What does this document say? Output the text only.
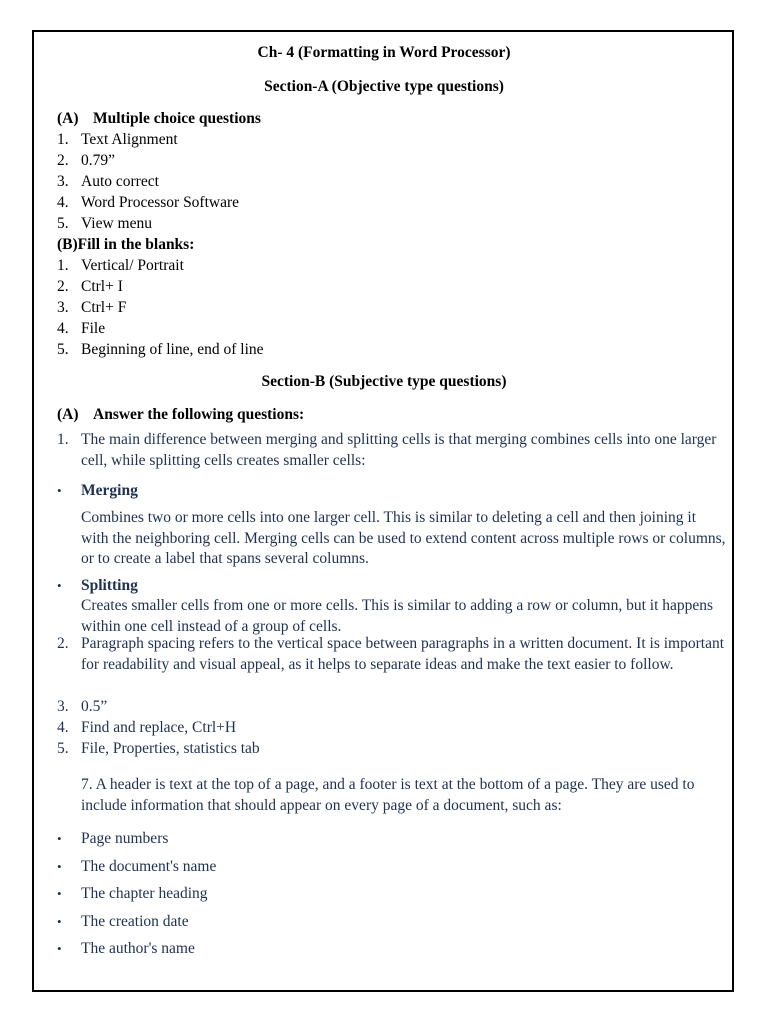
Ch- 4 (Formatting in Word Processor)
Section-A (Objective type questions)
(A) Multiple choice questions
1. Text Alignment
2. 0.79”
3. Auto correct
4. Word Processor Software
5. View menu
(B)Fill in the blanks:
1. Vertical/ Portrait
2. Ctrl+ I
3. Ctrl+ F
4. File
5. Beginning of line, end of line
Section-B (Subjective type questions)
(A) Answer the following questions:
1. The main difference between merging and splitting cells is that merging combines cells into one larger cell, while splitting cells creates smaller cells:
• Merging
Combines two or more cells into one larger cell. This is similar to deleting a cell and then joining it with the neighboring cell. Merging cells can be used to extend content across multiple rows or columns, or to create a label that spans several columns.
• Splitting
Creates smaller cells from one or more cells. This is similar to adding a row or column, but it happens within one cell instead of a group of cells.
2. Paragraph spacing refers to the vertical space between paragraphs in a written document. It is important for readability and visual appeal, as it helps to separate ideas and make the text easier to follow.
3. 0.5”
4. Find and replace, Ctrl+H
5. File, Properties, statistics tab
7. A header is text at the top of a page, and a footer is text at the bottom of a page. They are used to include information that should appear on every page of a document, such as:
• Page numbers
• The document's name
• The chapter heading
• The creation date
• The author's name
